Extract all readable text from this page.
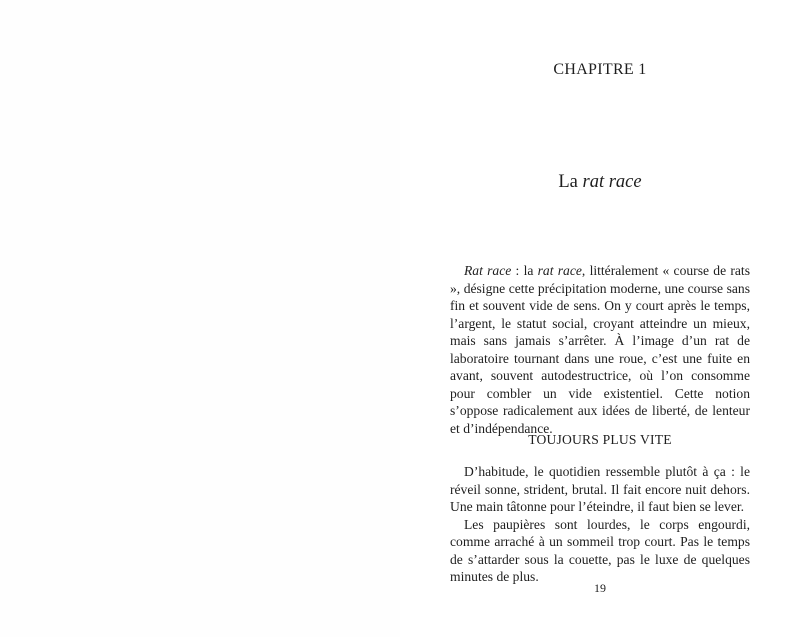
CHAPITRE 1
La rat race

Rat race : la rat race, littéralement « course de rats », désigne cette précipitation moderne, une course sans fin et souvent vide de sens. On y court après le temps, l’argent, le statut social, croyant atteindre un mieux, mais sans jamais s’arrêter. À l’image d’un rat de laboratoire tournant dans une roue, c’est une fuite en avant, souvent autodestructrice, où l’on consomme pour combler un vide existentiel. Cette notion s’oppose radicalement aux idées de liberté, de lenteur et d’indépendance.

TOUJOURS PLUS VITE

D’habitude, le quotidien ressemble plutôt à ça : le réveil sonne, strident, brutal. Il fait encore nuit dehors. Une main tâtonne pour l’éteindre, il faut bien se lever.

Les paupières sont lourdes, le corps engourdi, comme arraché à un sommeil trop court. Pas le temps de s’attarder sous la couette, pas le luxe de quelques minutes de plus.

19
